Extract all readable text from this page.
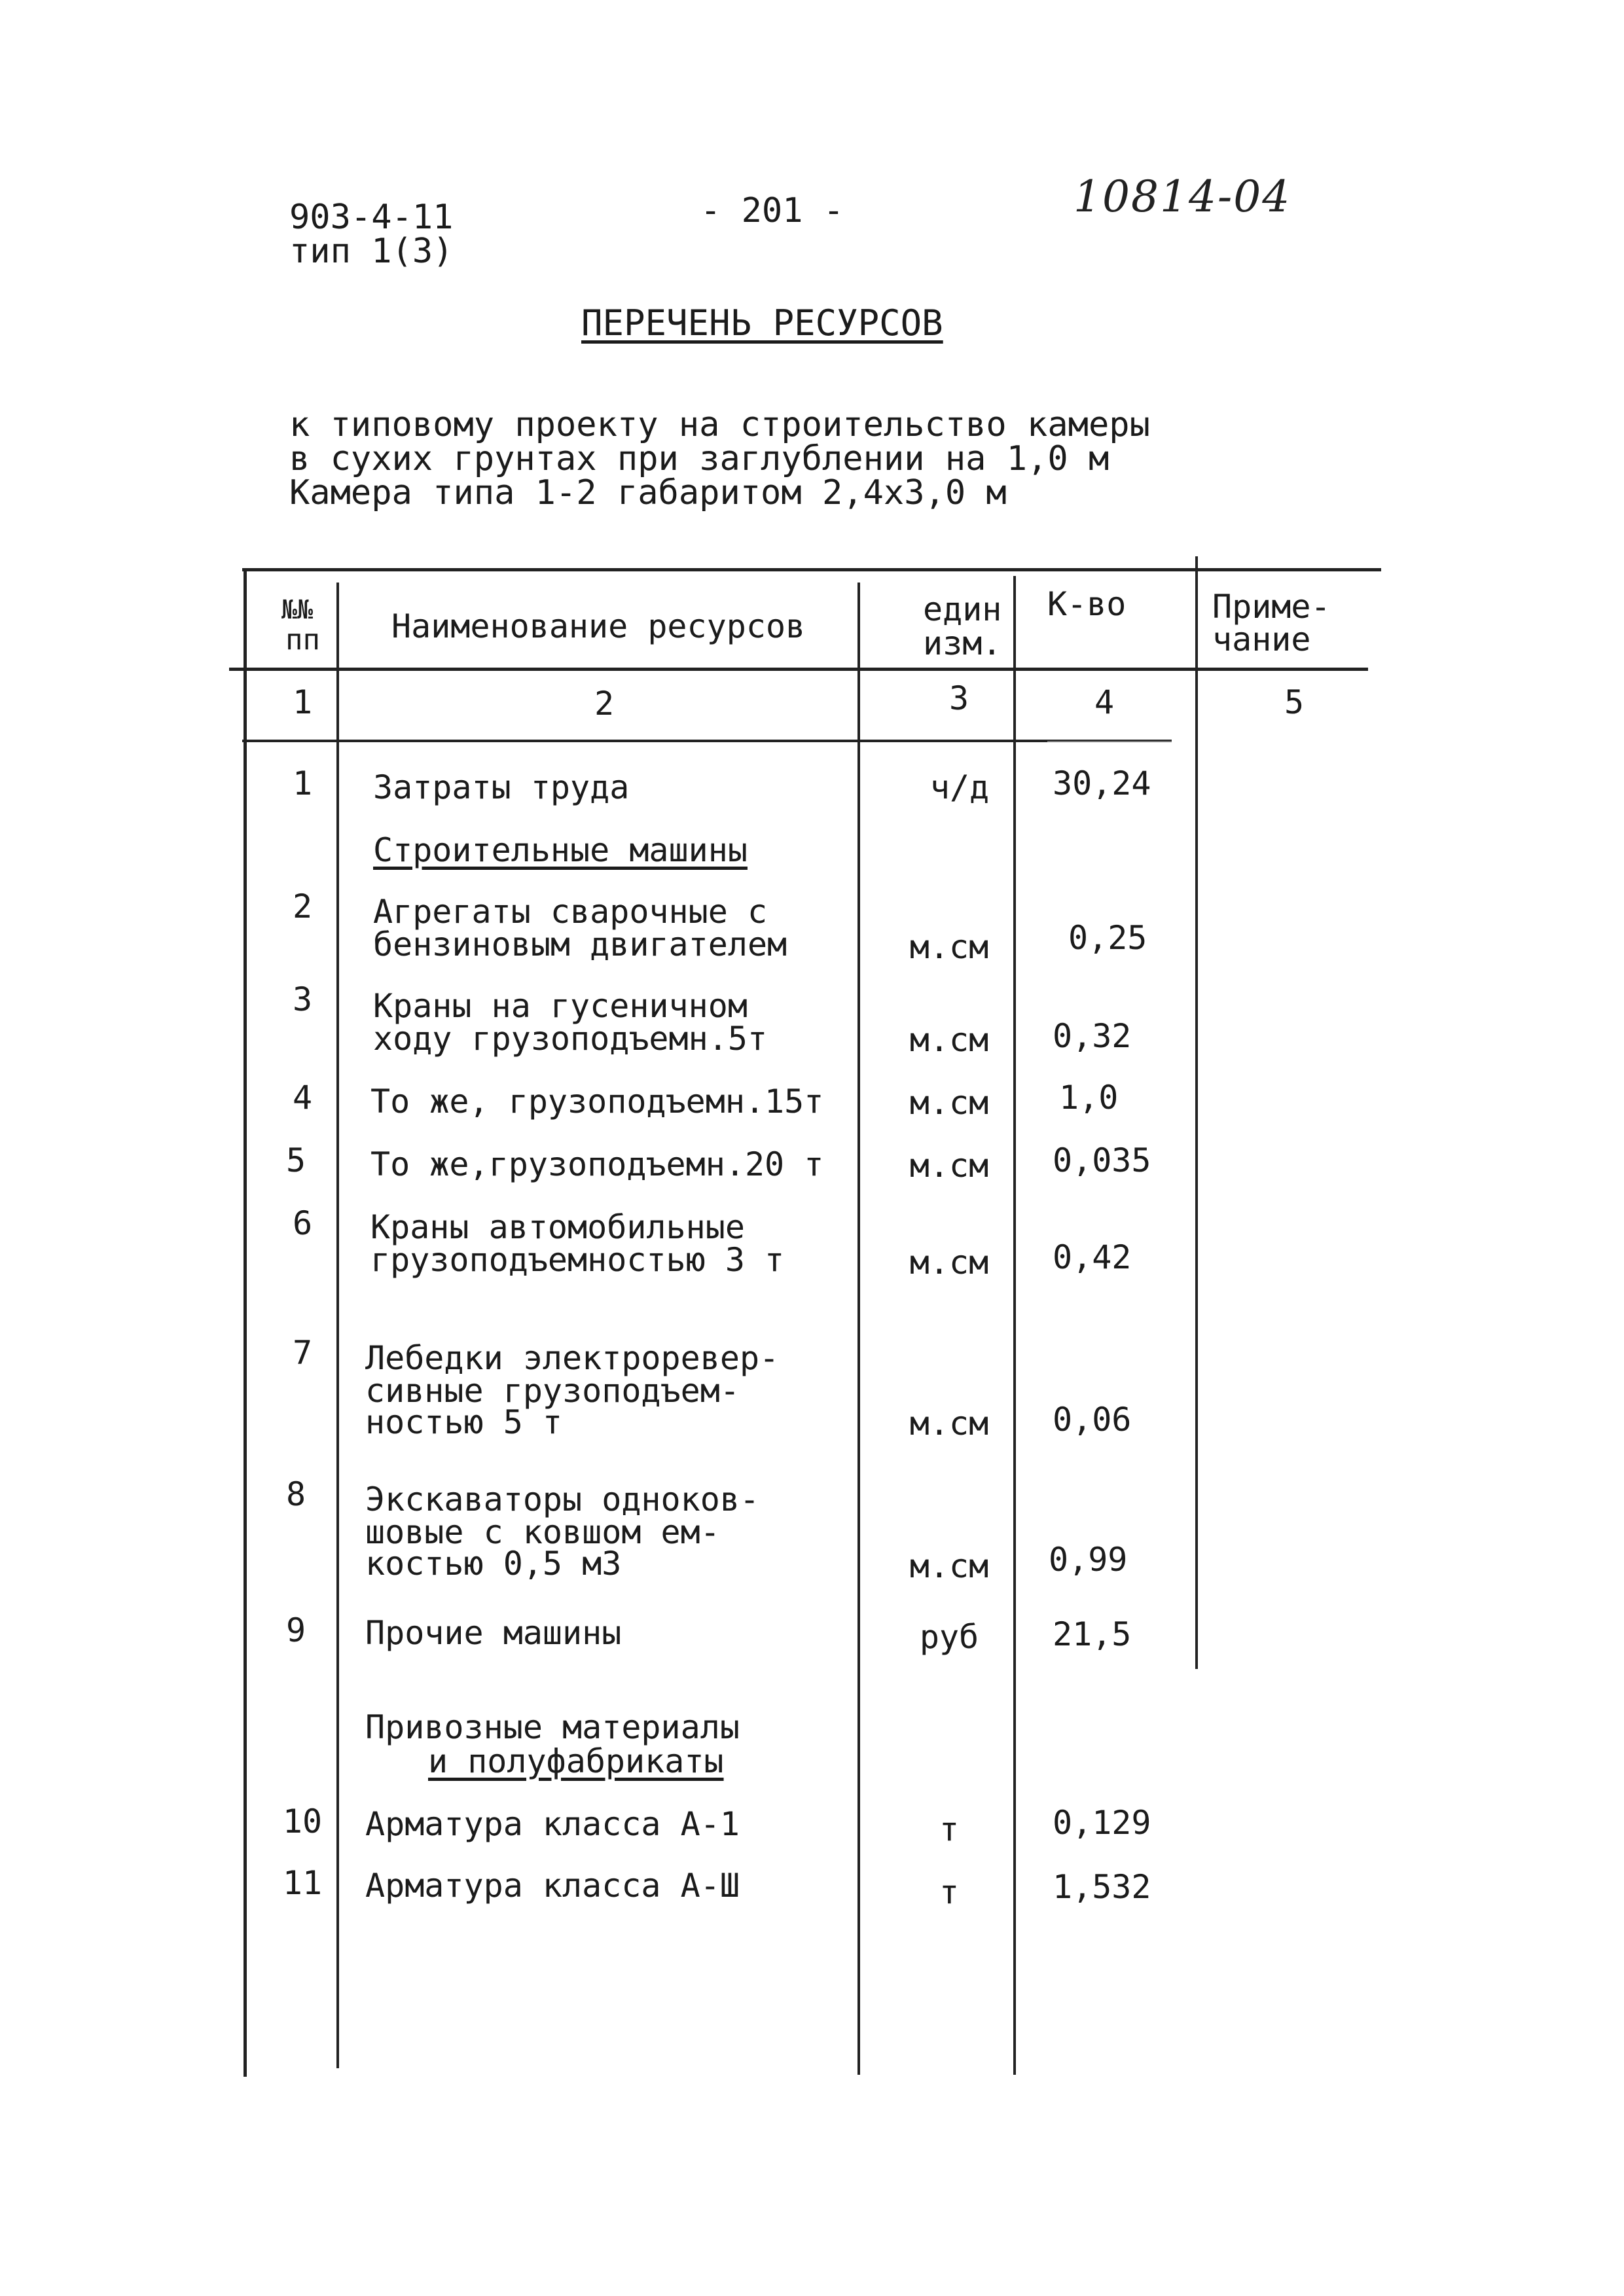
903-4-11
тип 1(3)
- 201 -	10814-04
ПЕРЕЧЕНЬ РЕСУРСОВ
к типовому проекту на строительство камеры
в сухих грунтах при заглублении на 1,0 м
Камера типа 1-2 габаритом 2,4х3,0 м
№№
пп Наименование ресурсов	един
изм.
К-во	Приме-
чание
1	2	3	4	5
1	Затраты труда	ч/д	30,24
Строительные машины
2	Агрегаты сварочные с
бензиновым двигателем	м.см	0,25
3	Краны на гусеничном
ходу грузоподъемн.5т	м.см	0,32
4	То же, грузоподъемн.15т	м.см	1,0
5	То же,грузоподъемн.20 т	м.см	0,035
6	Краны автомобильные
грузоподъемностью 3 т	м.см	0,42
7	Лебедки электроревер-
сивные грузоподъем-
ностью 5 т	м.см	0,06
8	Экскаваторы одноков-
шовые с ковшом ем-
костью 0,5 м3	м.см	0,99
9	Прочие машины	руб	21,5
Привозные материалы
и полуфабрикаты
10	Арматура класса А-1	т	0,129
11	Арматура класса А-Ш	т	1,532
